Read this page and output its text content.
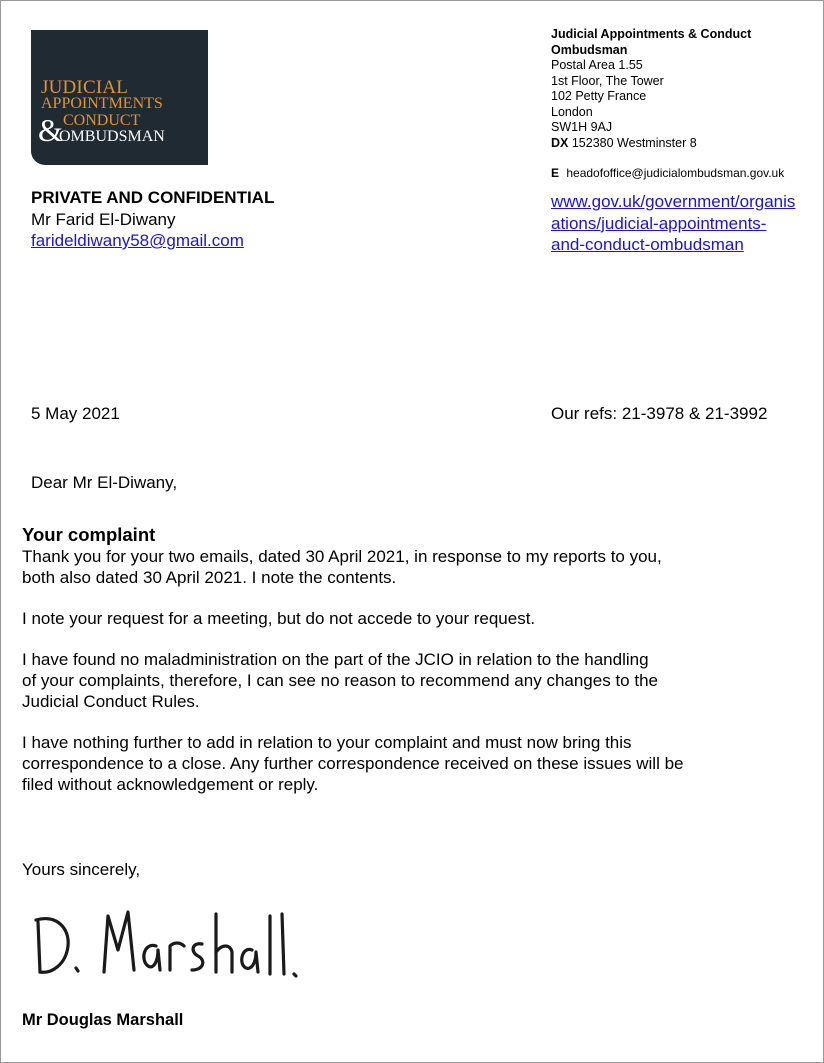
JUDICIAL
APPOINTMENTS
& CONDUCT
OMBUDSMAN
Judicial Appointments & Conduct Ombudsman
Postal Area 1.55
1st Floor, The Tower
102 Petty France
London
SW1H 9AJ
DX 152380 Westminster 8
E headofoffice@judicialombudsman.gov.uk
www.gov.uk/government/organis
ations/judicial-appointments-
and-conduct-ombudsman
PRIVATE AND CONFIDENTIAL
Mr Farid El-Diwany
farideldiwany58@gmail.com
5 May 2021	Our refs: 21-3978 & 21-3992
Dear Mr El-Diwany,
Your complaint

Thank you for your two emails, dated 30 April 2021, in response to my reports to you, both also dated 30 April 2021. I note the contents.

I note your request for a meeting, but do not accede to your request.

I have found no maladministration on the part of the JCIO in relation to the handling of your complaints, therefore, I can see no reason to recommend any changes to the Judicial Conduct Rules.

I have nothing further to add in relation to your complaint and must now bring this correspondence to a close. Any further correspondence received on these issues will be filed without acknowledgement or reply.

Yours sincerely,
Mr Douglas Marshall
